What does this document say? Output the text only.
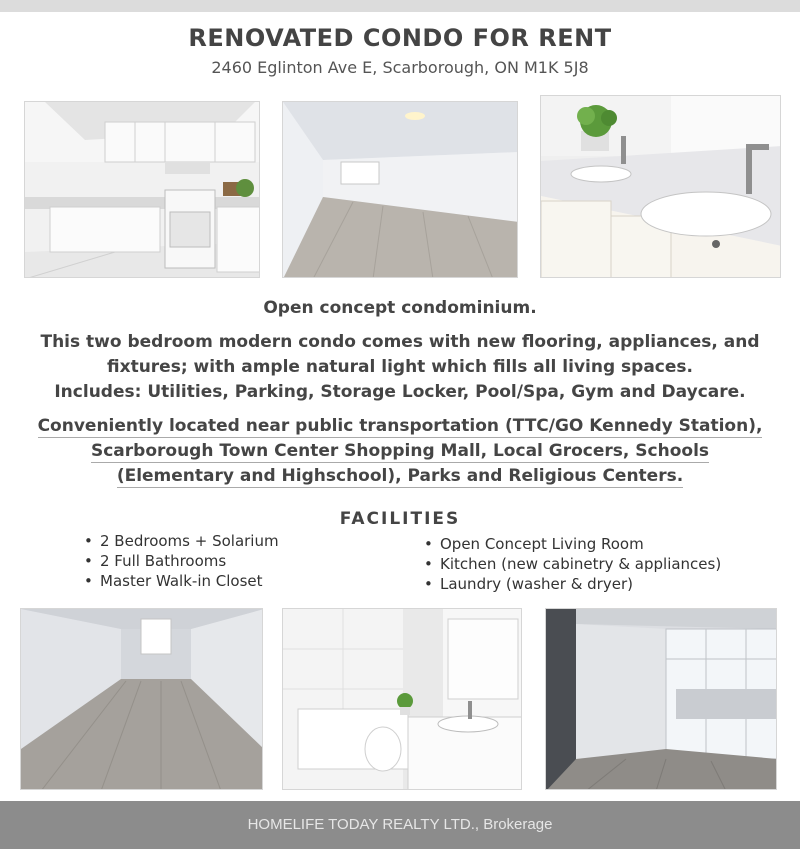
RENOVATED CONDO FOR RENT
2460 Eglinton Ave E, Scarborough, ON M1K 5J8
Open concept condominium.
This two bedroom modern condo comes with new flooring, appliances, and fixtures; with ample natural light which fills all living spaces.
Includes: Utilities, Parking, Storage Locker, Pool/Spa, Gym and Daycare.
Conveniently located near public transportation (TTC/GO Kennedy Station), Scarborough Town Center Shopping Mall, Local Grocers, Schools (Elementary and Highschool), Parks and Religious Centers.
FACILITIES
• 2 Bedrooms + Solarium
• 2 Full Bathrooms
• Master Walk-in Closet
• Open Concept Living Room
• Kitchen (new cabinetry & appliances)
• Laundry (washer & dryer)
HOMELIFE TODAY REALTY LTD., Brokerage
